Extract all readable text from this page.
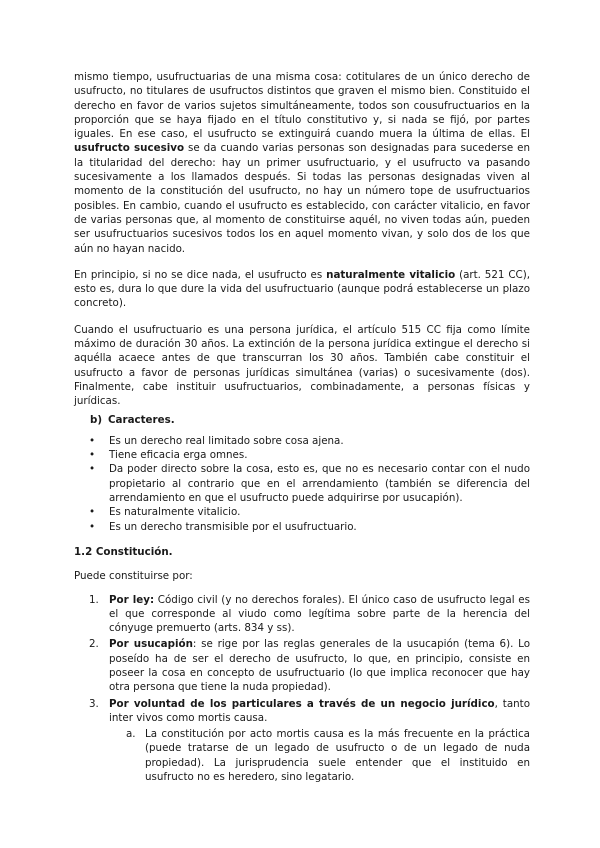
mismo tiempo, usufructuarias de una misma cosa: cotitulares de un único derecho de usufructo, no titulares de usufructos distintos que graven el mismo bien. Constituido el derecho en favor de varios sujetos simultáneamente, todos son cousufructuarios en la proporción que se haya fijado en el título constitutivo y, si nada se fijó, por partes iguales. En ese caso, el usufructo se extinguirá cuando muera la última de ellas. El usufructo sucesivo se da cuando varias personas son designadas para sucederse en la titularidad del derecho: hay un primer usufructuario, y el usufructo va pasando sucesivamente a los llamados después. Si todas las personas designadas viven al momento de la constitución del usufructo, no hay un número tope de usufructuarios posibles. En cambio, cuando el usufructo es establecido, con carácter vitalicio, en favor de varias personas que, al momento de constituirse aquél, no viven todas aún, pueden ser usufructuarios sucesivos todos los en aquel momento vivan, y solo dos de los que aún no hayan nacido.

En principio, si no se dice nada, el usufructo es naturalmente vitalicio (art. 521 CC), esto es, dura lo que dure la vida del usufructuario (aunque podrá establecerse un plazo concreto).

Cuando el usufructuario es una persona jurídica, el artículo 515 CC fija como límite máximo de duración 30 años. La extinción de la persona jurídica extingue el derecho si aquélla acaece antes de que transcurran los 30 años. También cabe constituir el usufructo a favor de personas jurídicas simultánea (varias) o sucesivamente (dos). Finalmente, cabe instituir usufructuarios, combinadamente, a personas físicas y jurídicas.

b) Caracteres.
• Es un derecho real limitado sobre cosa ajena.
• Tiene eficacia erga omnes.
• Da poder directo sobre la cosa, esto es, que no es necesario contar con el nudo propietario al contrario que en el arrendamiento (también se diferencia del arrendamiento en que el usufructo puede adquirirse por usucapión).
• Es naturalmente vitalicio.
• Es un derecho transmisible por el usufructuario.
1.2 Constitución.

Puede constituirse por:

1. Por ley: Código civil (y no derechos forales). El único caso de usufructo legal es el que corresponde al viudo como legítima sobre parte de la herencia del cónyuge premuerto (arts. 834 y ss).
2. Por usucapión: se rige por las reglas generales de la usucapión (tema 6). Lo poseído ha de ser el derecho de usufructo, lo que, en principio, consiste en poseer la cosa en concepto de usufructuario (lo que implica reconocer que hay otra persona que tiene la nuda propiedad).
3. Por voluntad de los particulares a través de un negocio jurídico, tanto inter vivos como mortis causa.
a. La constitución por acto mortis causa es la más frecuente en la práctica (puede tratarse de un legado de usufructo o de un legado de nuda propiedad). La jurisprudencia suele entender que el instituido en usufructo no es heredero, sino legatario.
